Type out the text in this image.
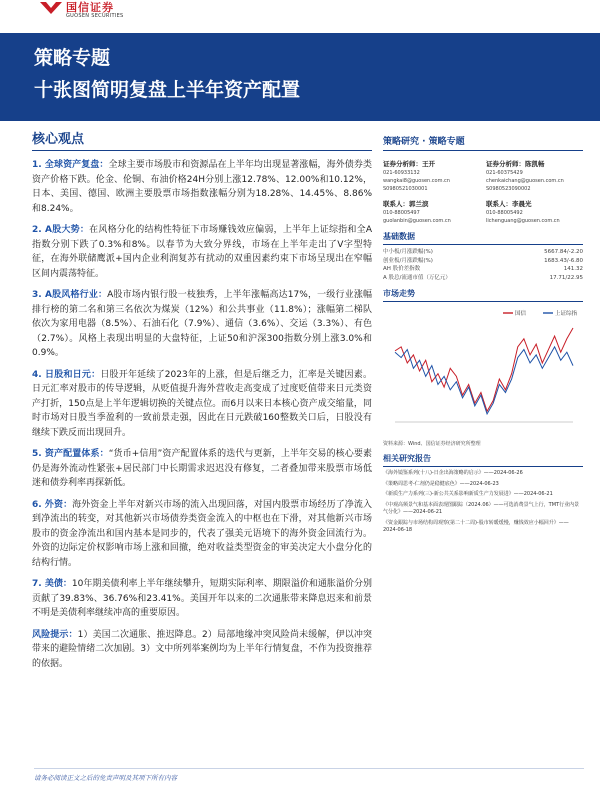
国信证券
GUOSEN SECURITIES
策略专题
十张图简明复盘上半年资产配置
核心观点

1. 全球资产复盘：全球主要市场股市和资源品在上半年均出现显著涨幅，海外债券类资产价格下跌。伦金、伦铜、布油价格24H分别上涨12.78%、12.00%和10.12%，日本、美国、德国、欧洲主要股票市场指数涨幅分别为18.28%、14.45%、8.86%和8.24%。

2. A股大势：在风格分化的结构性特征下市场赚钱效应偏弱，上半年上证综指和全A指数分别下跌了0.3%和8%。以春节为大致分界线，市场在上半年走出了V字型特征，在海外联储鹰派+国内企业利润复苏有扰动的双重因素约束下市场呈现出在窄幅区间内震荡特征。

3. A股风格行业：A股市场内银行股一枝独秀，上半年涨幅高达17%，一级行业涨幅排行榜的第二名和第三名依次为煤炭（12%）和公共事业（11.8%）；涨幅第二梯队依次为家用电器（8.5%）、石油石化（7.9%）、通信（3.6%）、交运（3.3%）、有色（2.7%）。风格上表现出明显的大盘特征，上证50和沪深300指数分别上涨3.0%和0.9%。

4. 日股和日元：日股开年延续了2023年的上涨，但是后继乏力，汇率是关键因素。日元汇率对股市的传导逻辑，从贬值提升海外营收走高变成了过度贬值带来日元类资产打折，150点是上半年逻辑切换的关键点位。而6月以来日本核心资产成交缩量，同时市场对日股当季盈利的一致前景走强，因此在日元跌破160整数关口后，日股没有继续下跌反而出现回升。

5. 资产配置体系：“货币+信用”资产配置体系的迭代与更新，上半年交易的核心要素仍是海外流动性紧张+居民部门中长期需求迟迟没有修复，二者叠加带来股票市场低迷和债券利率再探新低。

6. 外资：海外资金上半年对新兴市场的流入出现回落，对国内股票市场经历了净流入到净流出的转变，对其他新兴市场债券类资金流入的中枢也在下滑，对其他新兴市场股市的资金净流出和国内基本是同步的，代表了强美元语境下的海外资金回流行为。外资的边际定价权影响市场上涨和回撤，绝对收益类型资金的审美决定大小盘分化的结构行情。

7. 美债：10年期美债利率上半年继续攀升，短期实际利率、期限溢价和通胀溢价分别贡献了39.83%、36.76%和23.41%。美国开年以来的二次通胀带来降息迟来和前景不明是美债利率继续冲高的重要原因。

风险提示：1）美国二次通胀、推迟降息。2）局部地缘冲突风险尚未缓解，伊以冲突带来的避险情绪二次加剧。3）文中所列举案例均为上半年行情复盘，不作为投资推荐的依据。

策略研究 · 策略专题
证券分析师：王开
021-60933132
wangkai8@guosen.com.cn
S0980521030001
证券分析师：陈凯畅
021-60375429
chenkaichang@guosen.com.cn
S0980523090002
联系人：郭兰滨
010-88005497
guolanbin@guosen.com.cn
联系人：李晨光
010-88005492
lichenguang@guosen.com.cn
基础数据
中小板/月涨跌幅(%)	5667.84/-2.20
创业板/月涨跌幅(%)	1683.43/-6.80
AH 股价差指数	141.32
A 股总/流通市值（万亿元）	17.71/22.95
市场走势
国信	上证综指
资料来源：Wind、国信证券经济研究所整理
相关研究报告
《海外镜鉴系列(十八)-日企出海策略的启示》——2024-06-26
《策略周思考-仁剂仍是稳健底色》——2024-06-23
《新质生产力系列(三)-新公共关系影响新质生产力发展进》——2024-06-21
《中观高频景气和基本面表现图跟踪（2024.06）——可选消费景气上行，TMT行业内景气分化》——2024-06-21
《资金跟踪与市场结构周观察(第二十二周)-股市转暖缓慢，赚钱效应小幅回升》——2024-06-18
请务必阅读正文之后的免责声明及其项下所有内容
